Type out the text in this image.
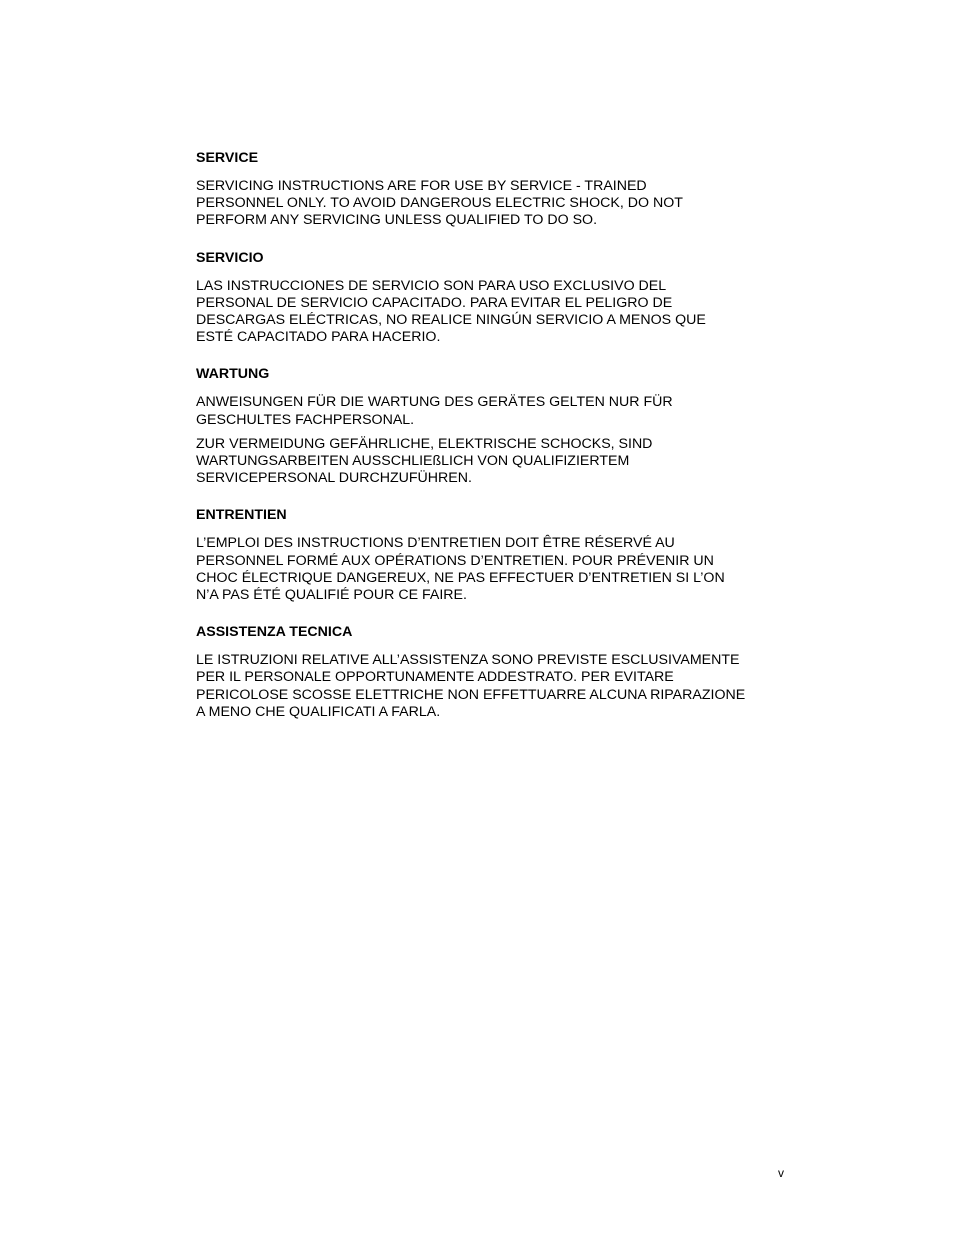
SERVICE
SERVICING INSTRUCTIONS ARE FOR USE BY SERVICE - TRAINED
PERSONNEL ONLY. TO AVOID DANGEROUS ELECTRIC SHOCK, DO NOT
PERFORM ANY SERVICING UNLESS QUALIFIED TO DO SO.
SERVICIO
LAS INSTRUCCIONES DE SERVICIO SON PARA USO EXCLUSIVO DEL
PERSONAL DE SERVICIO CAPACITADO. PARA EVITAR EL PELIGRO DE
DESCARGAS ELÉCTRICAS, NO REALICE NINGÚN SERVICIO A MENOS QUE
ESTÉ CAPACITADO PARA HACERIO.
WARTUNG
ANWEISUNGEN FÜR DIE WARTUNG DES GERÄTES GELTEN NUR FÜR
GESCHULTES FACHPERSONAL.
ZUR VERMEIDUNG GEFÄHRLICHE, ELEKTRISCHE SCHOCKS, SIND
WARTUNGSARBEITEN AUSSCHLIEßLICH VON QUALIFIZIERTEM
SERVICEPERSONAL DURCHZUFÜHREN.
ENTRENTIEN
L’EMPLOI DES INSTRUCTIONS D’ENTRETIEN DOIT ÊTRE RÉSERVÉ AU
PERSONNEL FORMÉ AUX OPÉRATIONS D’ENTRETIEN. POUR PRÉVENIR UN
CHOC ÉLECTRIQUE DANGEREUX, NE PAS EFFECTUER D’ENTRETIEN SI L’ON
N’A PAS ÉTÉ QUALIFIÉ POUR CE FAIRE.
ASSISTENZA TECNICA
LE ISTRUZIONI RELATIVE ALL’ASSISTENZA SONO PREVISTE ESCLUSIVAMENTE
PER IL PERSONALE OPPORTUNAMENTE ADDESTRATO. PER EVITARE
PERICOLOSE SCOSSE ELETTRICHE NON EFFETTUARRE ALCUNA RIPARAZIONE
A MENO CHE QUALIFICATI A FARLA.
v
